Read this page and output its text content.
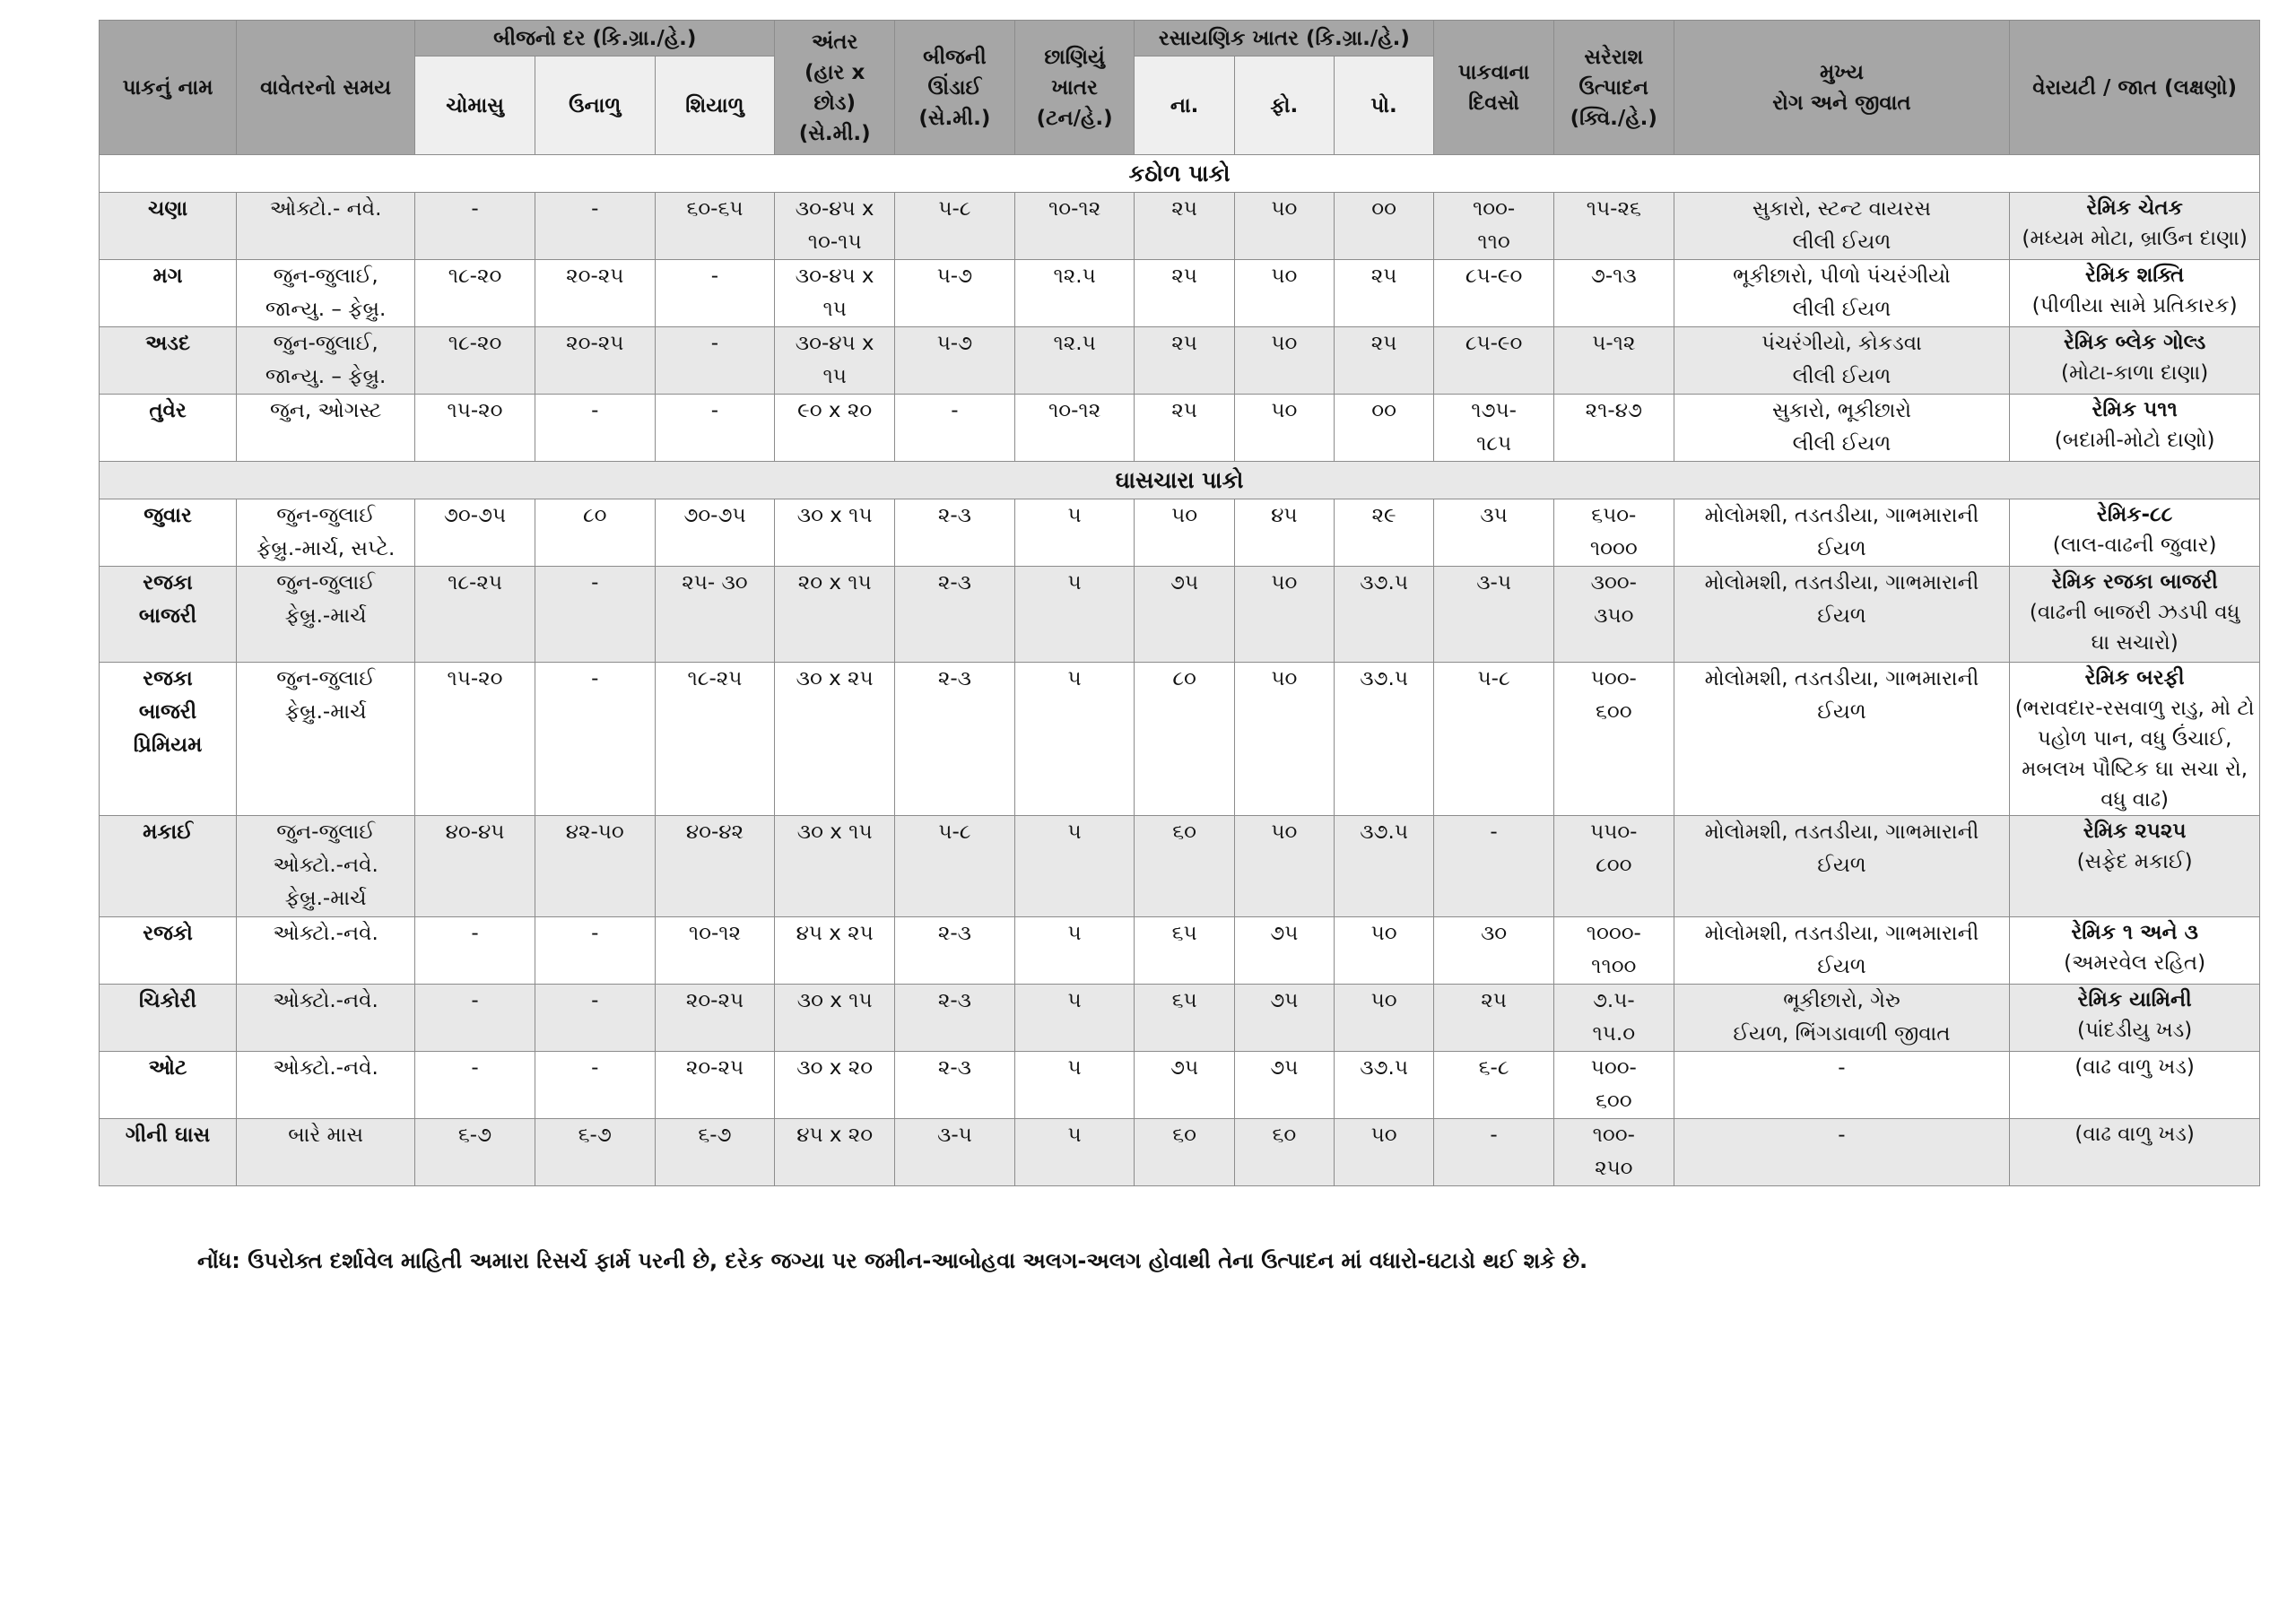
પાકનું નામ	વાવેતરનો સમય	બીજનો દર (કિ.ગ્રા./હે.)			અંતર
(હાર x
છોડ)
(સે.મી.)	બીજની
ઊંડાઈ
(સે.મી.)	છાણિયું
ખાતર
(ટન/હે.)	રસાયણિક ખાતર (કિ.ગ્રા./હે.)			પાકવાના
દિવસો	સરેરાશ
ઉત્પાદન
(ક્વિ./હે.)	મુખ્ય
રોગ અને જીવાત	વેરાયટી / જાત (લક્ષણો)
		ચોમાસુ	ઉનાળુ	શિયાળુ				ના.	ફો.	પો.				
કઠોળ પાકો														

ચણા	ઓક્ટો.- નવે.	-	-	૬૦-૬૫	૩૦-૪૫ x
૧૦-૧૫	૫-૮	૧૦-૧૨	૨૫	૫૦	૦૦	૧૦૦-
૧૧૦	૧૫-૨૬	સુકારો, સ્ટન્ટ વાયરસ
લીલી ઈયળ	રેમિક ચેતક
(મધ્યમ મોટા, બ્રાઉન દાણા)

મગ	જુન-જુલાઈ,
જાન્યુ. – ફેબ્રુ.	૧૮-૨૦	૨૦-૨૫	-	૩૦-૪૫ x
૧૫	૫-૭	૧૨.૫	૨૫	૫૦	૨૫	૮૫-૯૦	૭-૧૩	ભૂકીછારો, પીળો પંચરંગીયો
લીલી ઈયળ	રેમિક શક્તિ
(પીળીયા સામે પ્રતિકારક)

અડદ	જુન-જુલાઈ,
જાન્યુ. – ફેબ્રુ.	૧૮-૨૦	૨૦-૨૫	-	૩૦-૪૫ x
૧૫	૫-૭	૧૨.૫	૨૫	૫૦	૨૫	૮૫-૯૦	૫-૧૨	પંચરંગીયો, કોકડવા
લીલી ઈયળ	રેમિક બ્લેક ગોલ્ડ
(મોટા-કાળા દાણા)

તુવેર	જુન, ઓગસ્ટ	૧૫-૨૦	-	-	૯૦ x ૨૦	-	૧૦-૧૨	૨૫	૫૦	૦૦	૧૭૫-
૧૮૫	૨૧-૪૭	સુકારો, ભૂકીછારો
લીલી ઈયળ	રેમિક ૫૧૧
(બદામી-મોટો દાણો)

ઘાસચારા પાકો														

જુવાર	જુન-જુલાઈ
ફેબ્રુ.-માર્ચ, સપ્ટે.	૭૦-૭૫	૮૦	૭૦-૭૫	૩૦ x ૧૫	૨-૩	૫	૫૦	૪૫	૨૯	૩૫	૬૫૦-
૧૦૦૦	મોલોમશી, તડતડીયા, ગાભમારાની
ઈયળ	રેમિક-૮૮
(લાલ-વાઢની જુવાર)

રજકા
બાજરી	જુન-જુલાઈ
ફેબ્રુ.-માર્ચ	૧૮-૨૫	-	૨૫- ૩૦	૨૦ x ૧૫	૨-૩	૫	૭૫	૫૦	૩૭.૫	૩-૫	૩૦૦-
૩૫૦	મોલોમશી, તડતડીયા, ગાભમારાની
ઈયળ	રેમિક રજકા બાજરી
(વાઢની બાજરી ઝડપી વધુ
ઘા સચારો)

રજકા
બાજરી
પ્રિમિયમ	જુન-જુલાઈ
ફેબ્રુ.-માર્ચ	૧૫-૨૦	-	૧૮-૨૫	૩૦ x ૨૫	૨-૩	૫	૮૦	૫૦	૩૭.૫	૫-૮	૫૦૦-
૬૦૦	મોલોમશી, તડતડીયા, ગાભમારાની
ઈયળ	રેમિક બરફી
(ભરાવદાર-રસવાળુ રાડુ, મો ટો
પહોળ પાન, વધુ ઉંચાઈ,
મબલખ પૌષ્ટિક ઘા સચા રો,
વધુ વાઢ)

મકાઈ	જુન-જુલાઈ
ઓક્ટો.-નવે.
ફેબ્રુ.-માર્ચ	૪૦-૪૫	૪૨-૫૦	૪૦-૪૨	૩૦ x ૧૫	૫-૮	૫	૬૦	૫૦	૩૭.૫	-	૫૫૦-
૮૦૦	મોલોમશી, તડતડીયા, ગાભમારાની
ઈયળ	રેમિક ૨૫૨૫
(સફેદ મકાઈ)

રજકો	ઓક્ટો.-નવે.	-	-	૧૦-૧૨	૪૫ x ૨૫	૨-૩	૫	૬૫	૭૫	૫૦	૩૦	૧૦૦૦-
૧૧૦૦	મોલોમશી, તડતડીયા, ગાભમારાની
ઈયળ	રેમિક ૧ અને ૩
(અમરવેલ રહિત)

ચિકોરી	ઓક્ટો.-નવે.	-	-	૨૦-૨૫	૩૦ x ૧૫	૨-૩	૫	૬૫	૭૫	૫૦	૨૫	૭.૫-
૧૫.૦	ભૂકીછારો, ગેરુ
ઈયળ, ભિંગડાવાળી જીવાત	રેમિક યામિની
(પાંદડીયુ ખડ)

ઓટ	ઓક્ટો.-નવે.	-	-	૨૦-૨૫	૩૦ x ૨૦	૨-૩	૫	૭૫	૭૫	૩૭.૫	૬-૮	૫૦૦-
૬૦૦	-	(વાઢ વાળુ ખડ)

ગીની ઘાસ	બારે માસ	૬-૭	૬-૭	૬-૭	૪૫ x ૨૦	૩-૫	૫	૬૦	૬૦	૫૦	-	૧૦૦-
૨૫૦	-	(વાઢ વાળુ ખડ)
નોંધ: ઉપરોક્ત દર્શાવેલ માહિતી અમારા રિસર્ચ ફાર્મ પરની છે, દરેક જગ્યા પર જમીન-આબોહવા અલગ-અલગ હોવાથી તેના ઉત્પાદન માં વધારો-ઘટાડો થઈ શકે છે.
